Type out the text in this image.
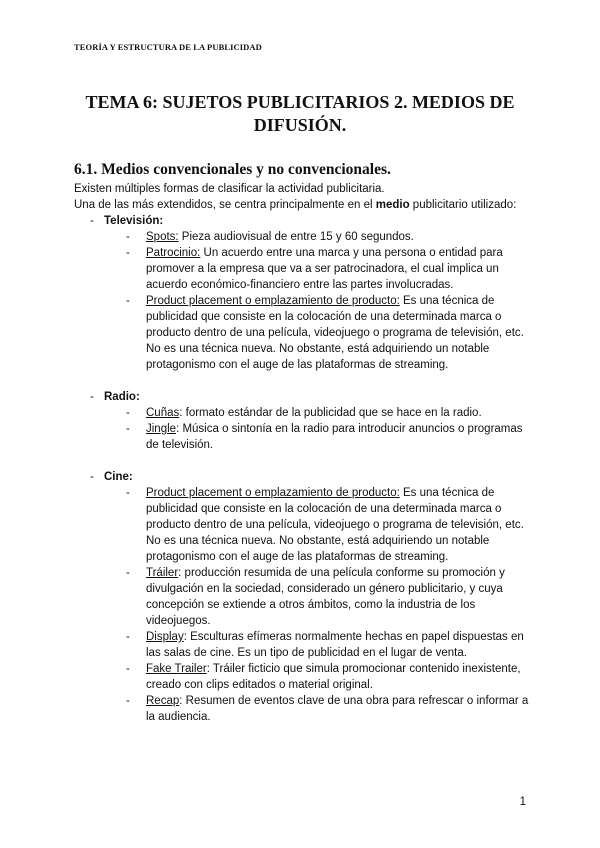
TEORÍA Y ESTRUCTURA DE LA PUBLICIDAD
TEMA 6: SUJETOS PUBLICITARIOS 2. MEDIOS DE DIFUSIÓN.
6.1. Medios convencionales y no convencionales.

Existen múltiples formas de clasificar la actividad publicitaria.

Una de las más extendidos, se centra principalmente en el medio publicitario utilizado:

- Televisión:
- Spots: Pieza audiovisual de entre 15 y 60 segundos.
- Patrocinio: Un acuerdo entre una marca y una persona o entidad para promover a la empresa que va a ser patrocinadora, el cual implica un acuerdo económico-financiero entre las partes involucradas.
- Product placement o emplazamiento de producto: Es una técnica de publicidad que consiste en la colocación de una determinada marca o producto dentro de una película, videojuego o programa de televisión, etc.
No es una técnica nueva. No obstante, está adquiriendo un notable protagonismo con el auge de las plataformas de streaming.
- Radio:
- Cuñas: formato estándar de la publicidad que se hace en la radio.
- Jingle: Música o sintonía en la radio para introducir anuncios o programas de televisión.
- Cine:
- Product placement o emplazamiento de producto: Es una técnica de publicidad que consiste en la colocación de una determinada marca o producto dentro de una película, videojuego o programa de televisión, etc.
No es una técnica nueva. No obstante, está adquiriendo un notable protagonismo con el auge de las plataformas de streaming.
- Tráiler: producción resumida de una película conforme su promoción y divulgación en la sociedad, considerado un género publicitario, y cuya concepción se extiende a otros ámbitos, como la industria de los videojuegos.
- Display: Esculturas efímeras normalmente hechas en papel dispuestas en las salas de cine. Es un tipo de publicidad en el lugar de venta.
- Fake Trailer: Tráiler ficticio que simula promocionar contenido inexistente, creado con clips editados o material original.
- Recap: Resumen de eventos clave de una obra para refrescar o informar a la audiencia.
1
